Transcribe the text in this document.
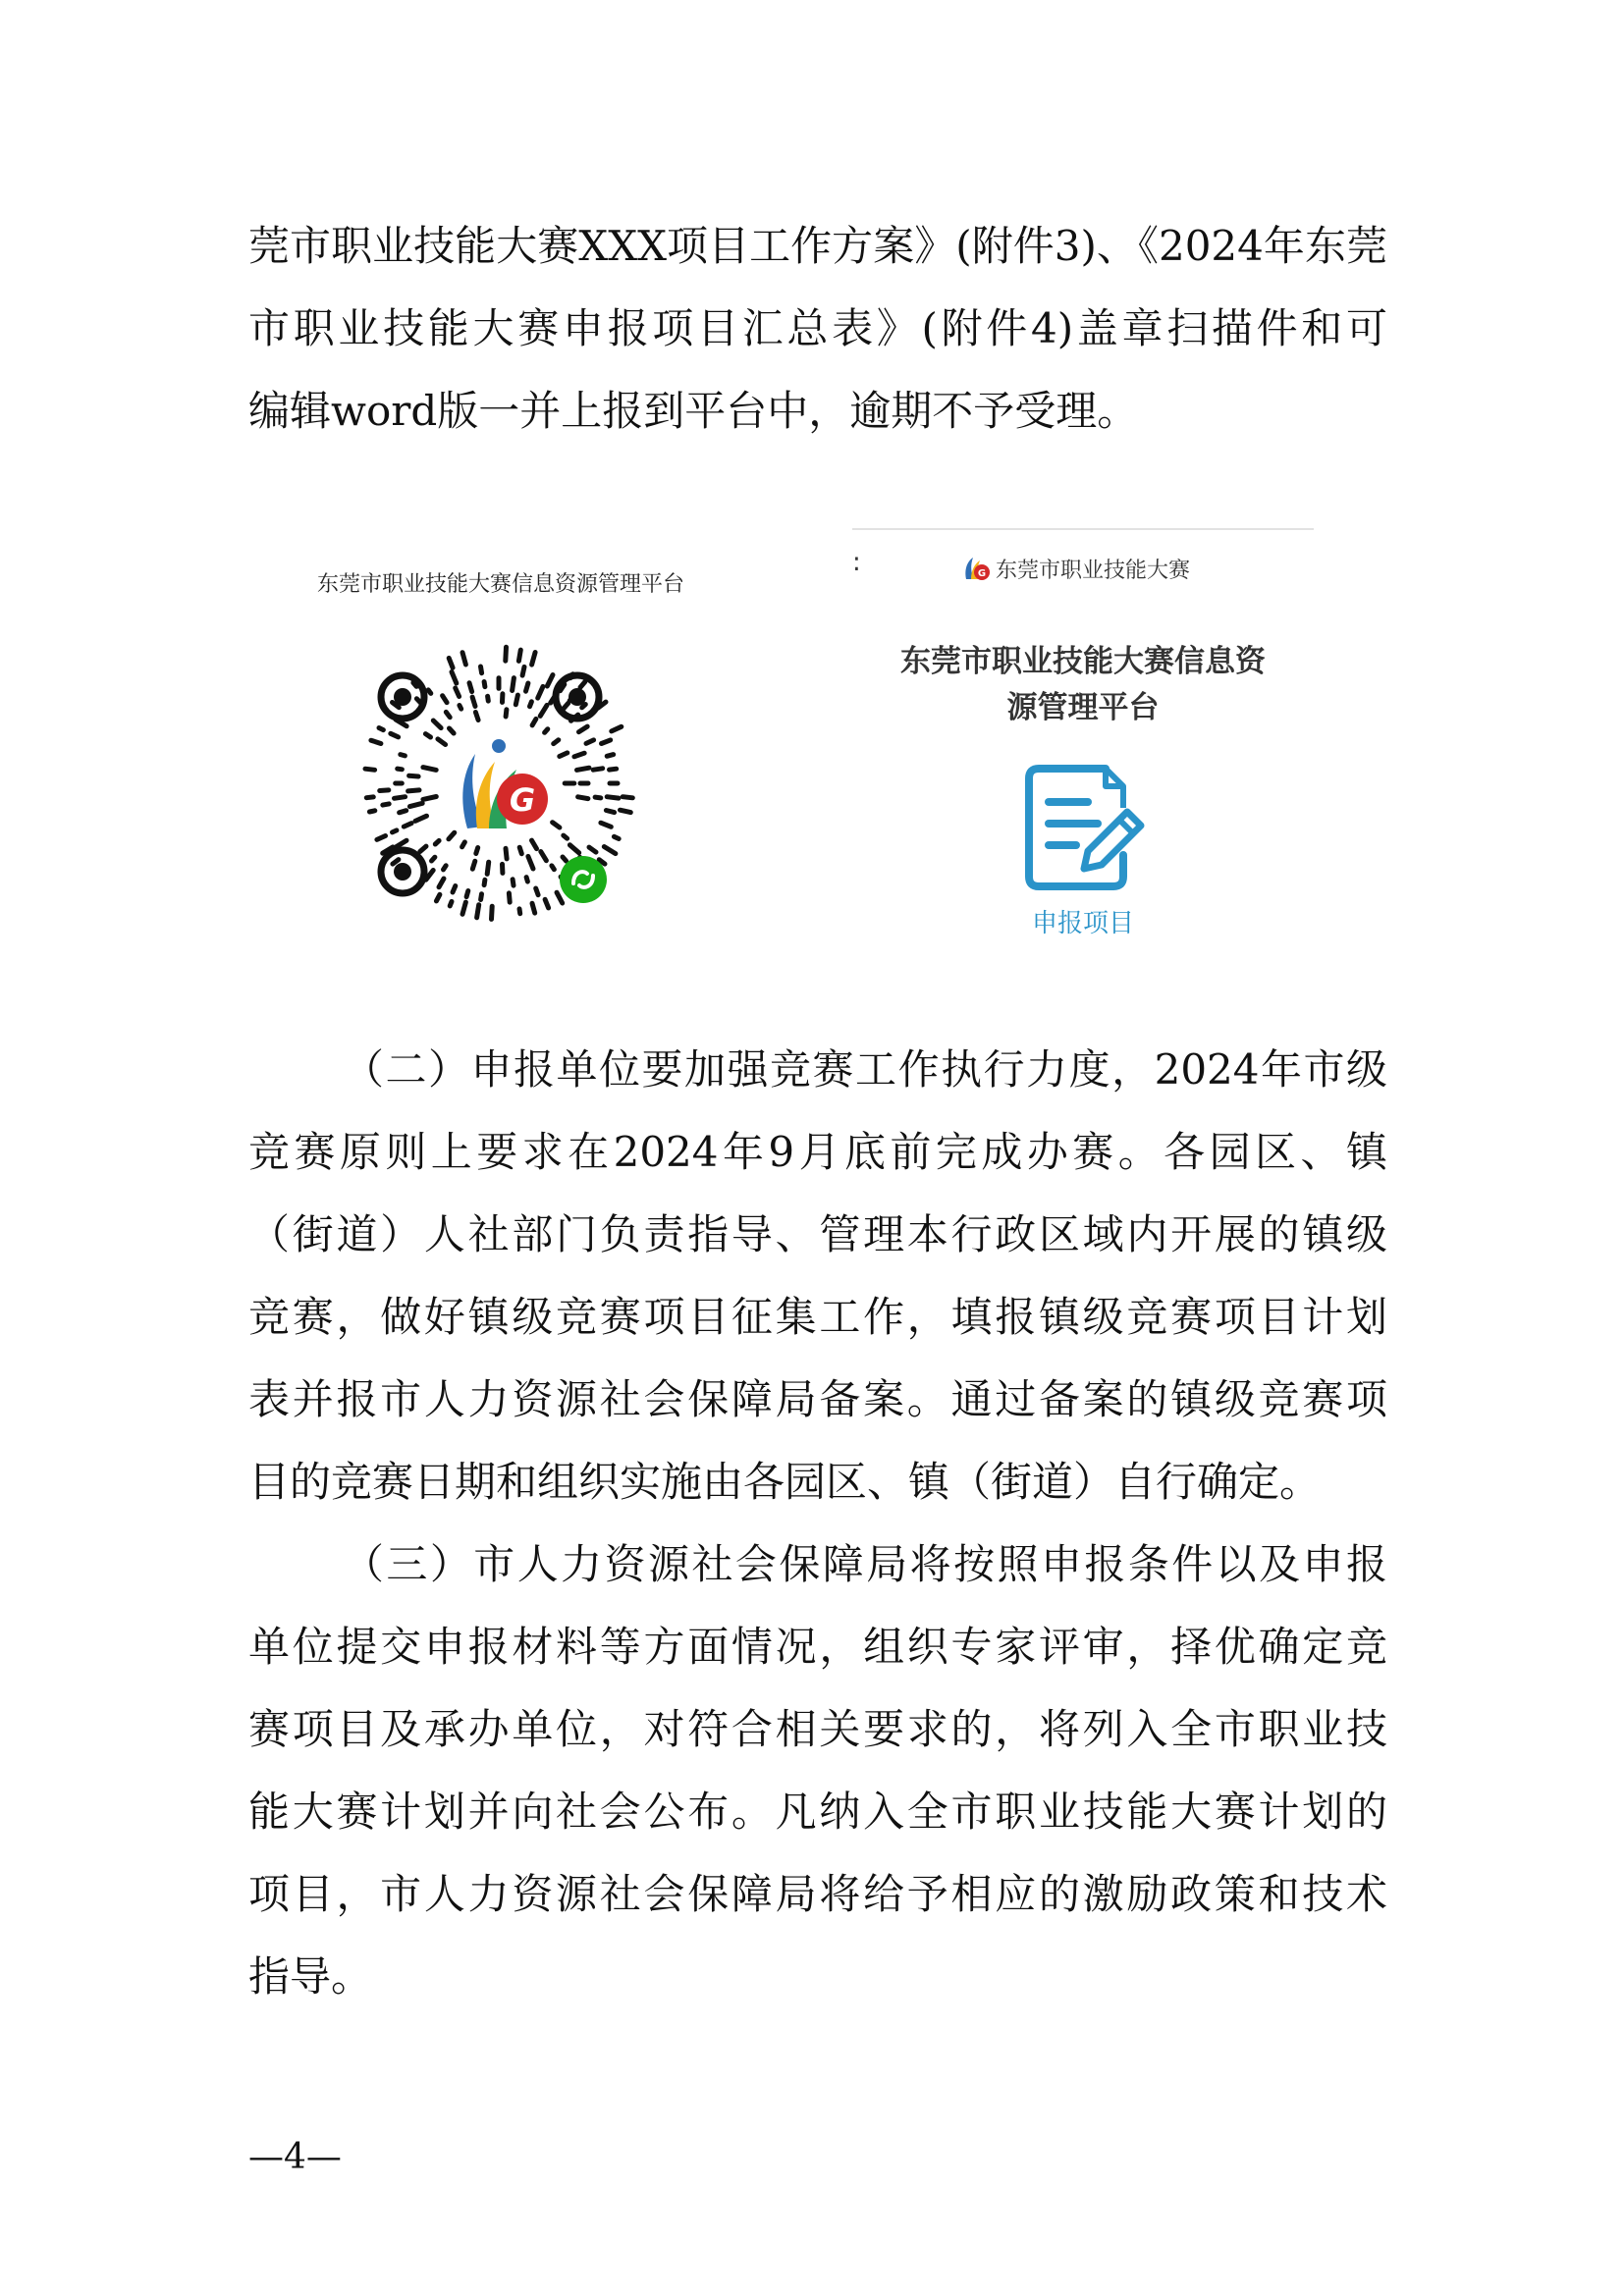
莞市职业技能大赛XXX项目工作方案》(附件3)、《2024年东莞
市职业技能大赛申报项目汇总表》(附件4)盖章扫描件和可
编辑word版一并上报到平台中，逾期不予受理。
东莞市职业技能大赛信息资源管理平台
G
:	G 东莞市职业技能大赛
东莞市职业技能大赛信息资
源管理平台
申报项目
（二）申报单位要加强竞赛工作执行力度，2024年市级
竞赛原则上要求在2024年9月底前完成办赛。各园区、镇
（街道）人社部门负责指导、管理本行政区域内开展的镇级
竞赛，做好镇级竞赛项目征集工作，填报镇级竞赛项目计划
表并报市人力资源社会保障局备案。通过备案的镇级竞赛项
目的竞赛日期和组织实施由各园区、镇（街道）自行确定。
（三）市人力资源社会保障局将按照申报条件以及申报
单位提交申报材料等方面情况，组织专家评审，择优确定竞
赛项目及承办单位，对符合相关要求的，将列入全市职业技
能大赛计划并向社会公布。凡纳入全市职业技能大赛计划的
项目，市人力资源社会保障局将给予相应的激励政策和技术
指导。
—4—
